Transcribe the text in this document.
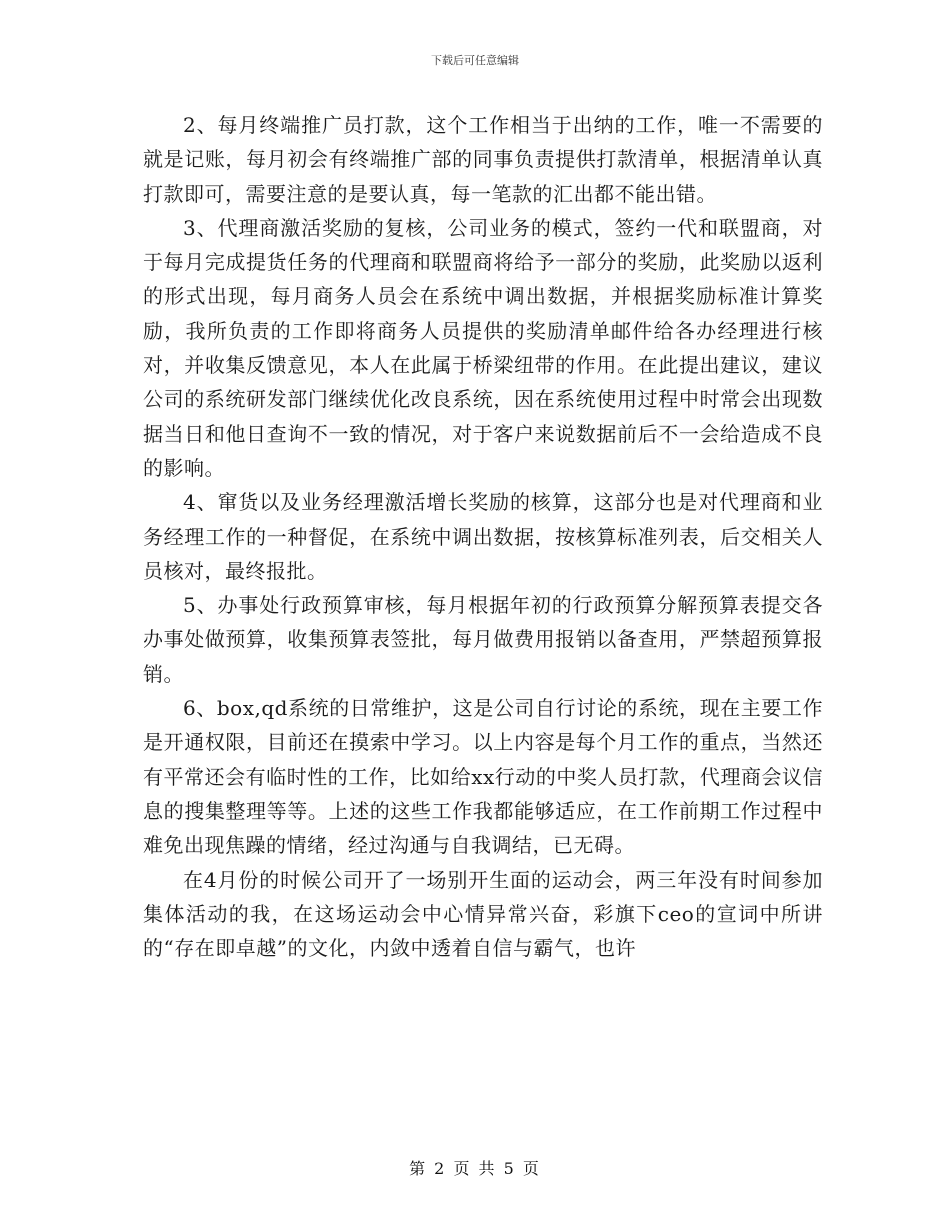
下载后可任意编辑

2、每月终端推广员打款，这个工作相当于出纳的工作，唯一不需要的就是记账，每月初会有终端推广部的同事负责提供打款清单，根据清单认真打款即可，需要注意的是要认真，每一笔款的汇出都不能出错。

3、代理商激活奖励的复核，公司业务的模式，签约一代和联盟商，对于每月完成提货任务的代理商和联盟商将给予一部分的奖励，此奖励以返利的形式出现，每月商务人员会在系统中调出数据，并根据奖励标准计算奖励，我所负责的工作即将商务人员提供的奖励清单邮件给各办经理进行核对，并收集反馈意见，本人在此属于桥梁纽带的作用。在此提出建议，建议公司的系统研发部门继续优化改良系统，因在系统使用过程中时常会出现数据当日和他日查询不一致的情况，对于客户来说数据前后不一会给造成不良的影响。

4、窜货以及业务经理激活增长奖励的核算，这部分也是对代理商和业务经理工作的一种督促，在系统中调出数据，按核算标准列表，后交相关人员核对，最终报批。

5、办事处行政预算审核，每月根据年初的行政预算分解预算表提交各办事处做预算，收集预算表签批，每月做费用报销以备查用，严禁超预算报销。

6、box,qd系统的日常维护，这是公司自行讨论的系统，现在主要工作是开通权限，目前还在摸索中学习。以上内容是每个月工作的重点，当然还有平常还会有临时性的工作，比如给xx行动的中奖人员打款，代理商会议信息的搜集整理等等。上述的这些工作我都能够适应，在工作前期工作过程中难免出现焦躁的情绪，经过沟通与自我调结，已无碍。

在4月份的时候公司开了一场别开生面的运动会，两三年没有时间参加集体活动的我，在这场运动会中心情异常兴奋，彩旗下ceo的宣词中所讲的“存在即卓越”的文化，内敛中透着自信与霸气，也许

第 2 页 共 5 页
